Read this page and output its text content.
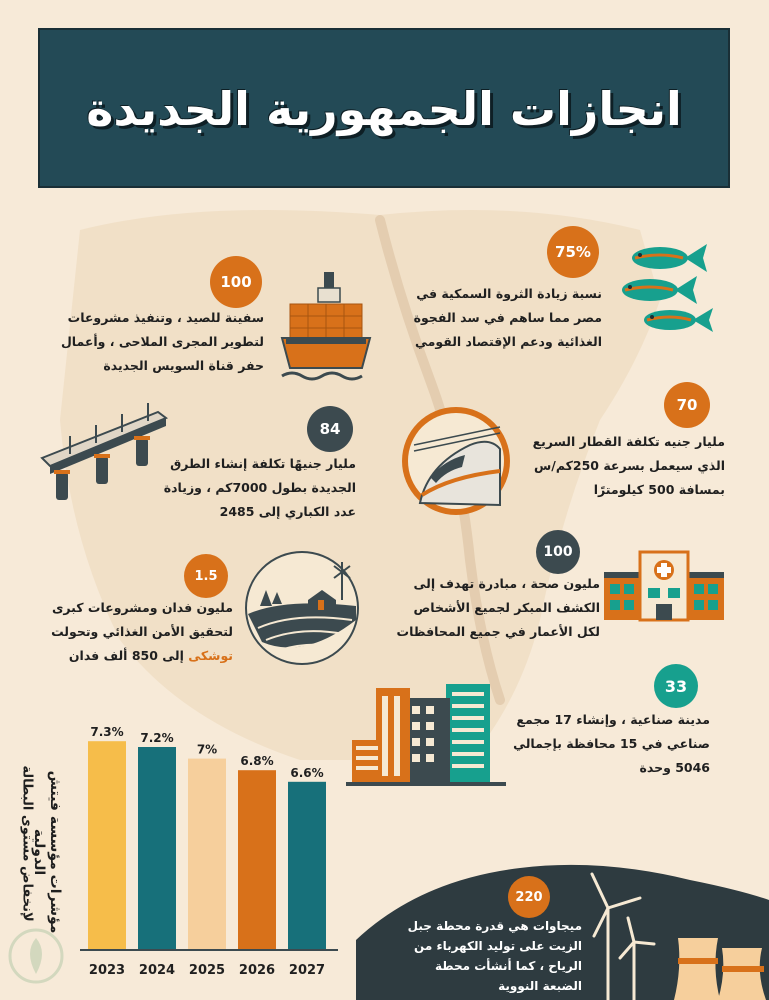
انجازات الجمهورية الجديدة
75%
نسبة زيادة الثروة السمكية في
مصر مما ساهم في سد الفجوة
الغذائية ودعم الإقتصاد القومي
100
سفينة للصيد ، وتنفيذ مشروعات
لتطوير المجرى الملاحى ، وأعمال
حفر قناة السويس الجديدة
70
مليار جنيه تكلفة القطار السريع
الذي سيعمل بسرعة 250كم/س
بمسافة 500 كيلومترًا
84
مليار جنيهًا تكلفة إنشاء الطرق
الجديدة بطول 7000كم ، وزيادة
عدد الكباري إلى 2485
100
مليون صحة ، مبادرة تهدف إلى
الكشف المبكر لجميع الأشخاص
لكل الأعمار في جميع المحافظات
1.5
مليون فدان ومشروعات كبرى
لتحقيق الأمن الغذائي وتحولت
توشكى إلى 850 ألف فدان
33
مدينة صناعية ، وإنشاء 17 مجمع
صناعي في 15 محافظة بإجمالي
5046 وحدة
220
ميجاوات هي قدرة محطة جبل
الزيت على توليد الكهرباء من
الرياح ، كما أنشأت محطة
الضبعة النووية
مؤشرات مؤسسة فيتش الدولية
لإنخفاض مستوى البطالة
7.3%
2023
7.2%
2024
7%
2025
6.8%
2026
6.6%
2027
